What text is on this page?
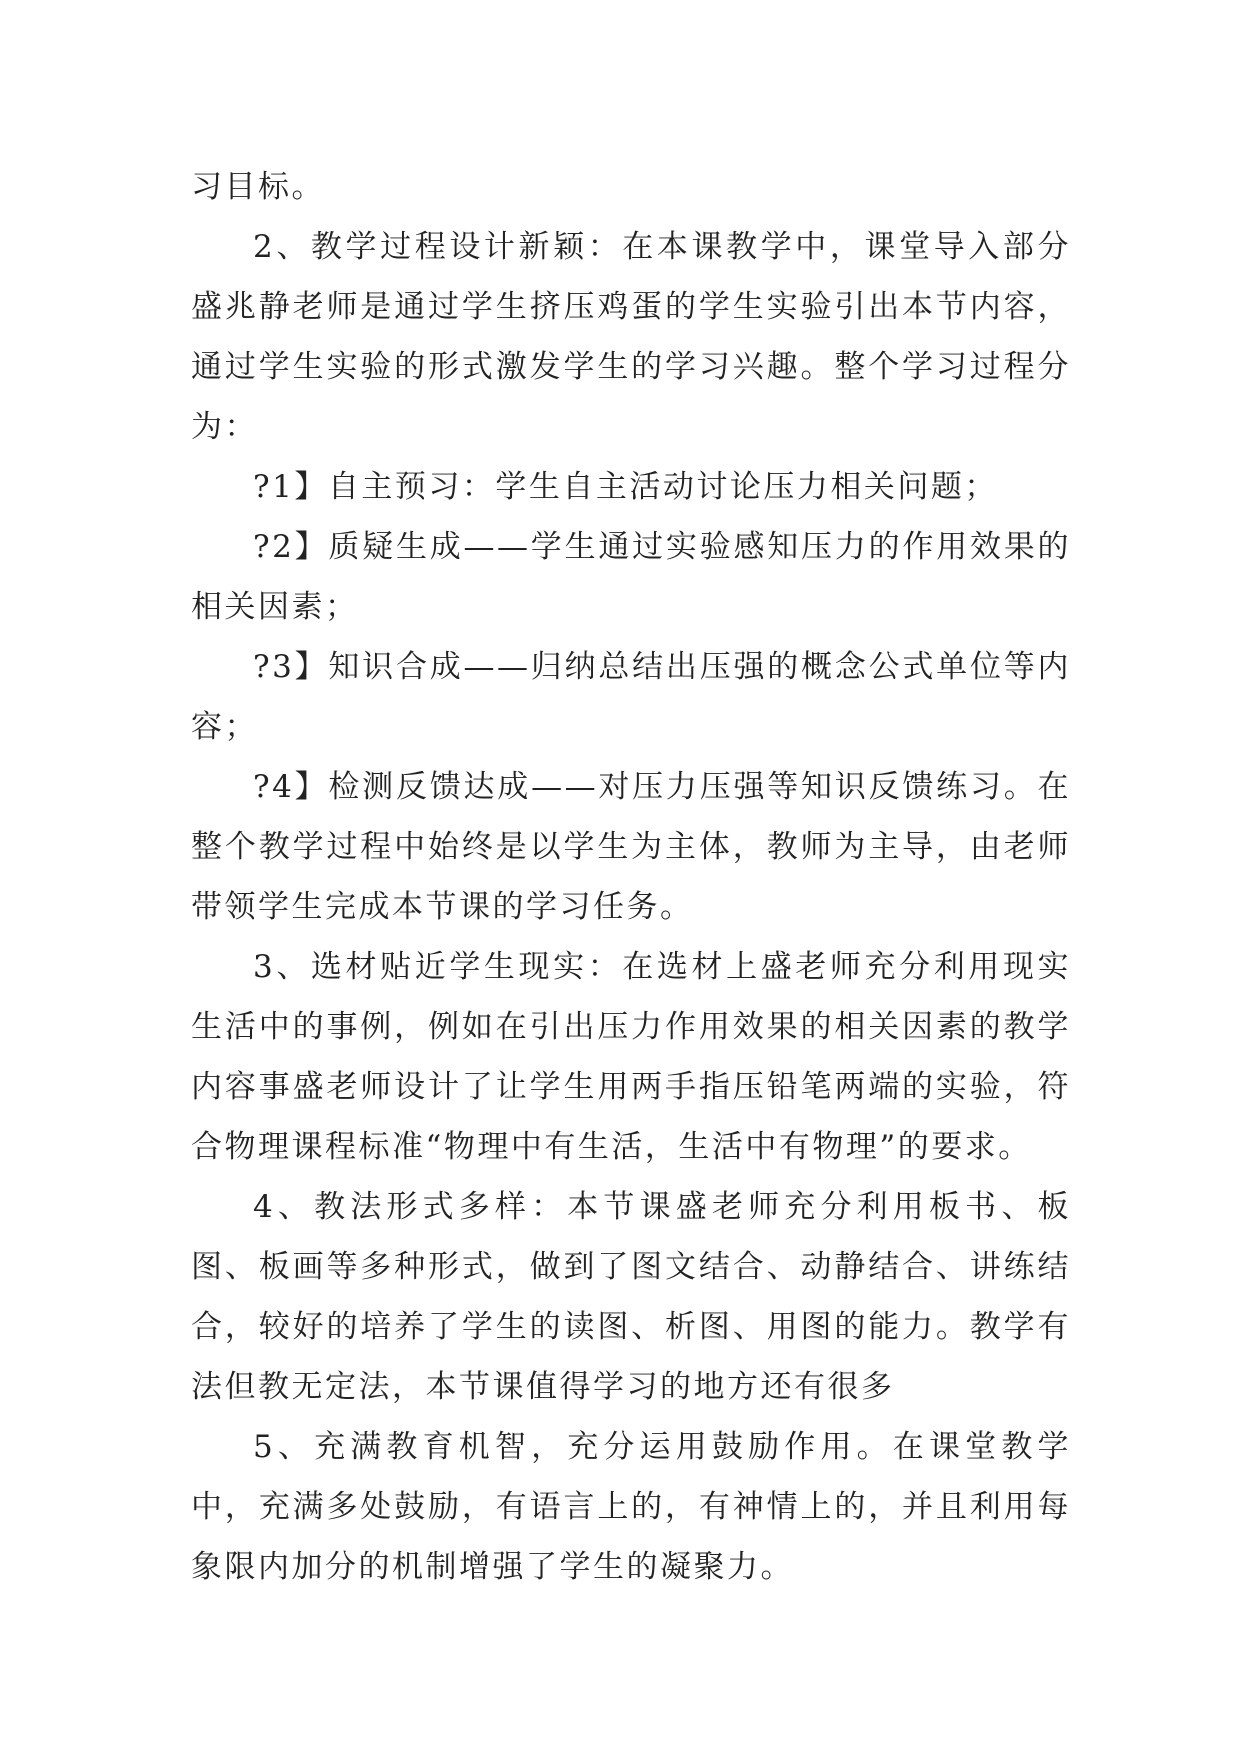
习目标。

2、教学过程设计新颖：在本课教学中，课堂导入部分盛兆静老师是通过学生挤压鸡蛋的学生实验引出本节内容，通过学生实验的形式激发学生的学习兴趣。整个学习过程分为：

?1】自主预习：学生自主活动讨论压力相关问题；

?2】质疑生成——学生通过实验感知压力的作用效果的相关因素；

?3】知识合成——归纳总结出压强的概念公式单位等内容；

?4】检测反馈达成——对压力压强等知识反馈练习。在整个教学过程中始终是以学生为主体，教师为主导，由老师带领学生完成本节课的学习任务。

3、选材贴近学生现实：在选材上盛老师充分利用现实生活中的事例，例如在引出压力作用效果的相关因素的教学内容事盛老师设计了让学生用两手指压铅笔两端的实验，符合物理课程标准“物理中有生活，生活中有物理”的要求。

4、教法形式多样：本节课盛老师充分利用板书、板图、板画等多种形式，做到了图文结合、动静结合、讲练结合，较好的培养了学生的读图、析图、用图的能力。教学有法但教无定法，本节课值得学习的地方还有很多

5、充满教育机智，充分运用鼓励作用。在课堂教学中，充满多处鼓励，有语言上的，有神情上的，并且利用每象限内加分的机制增强了学生的凝聚力。
